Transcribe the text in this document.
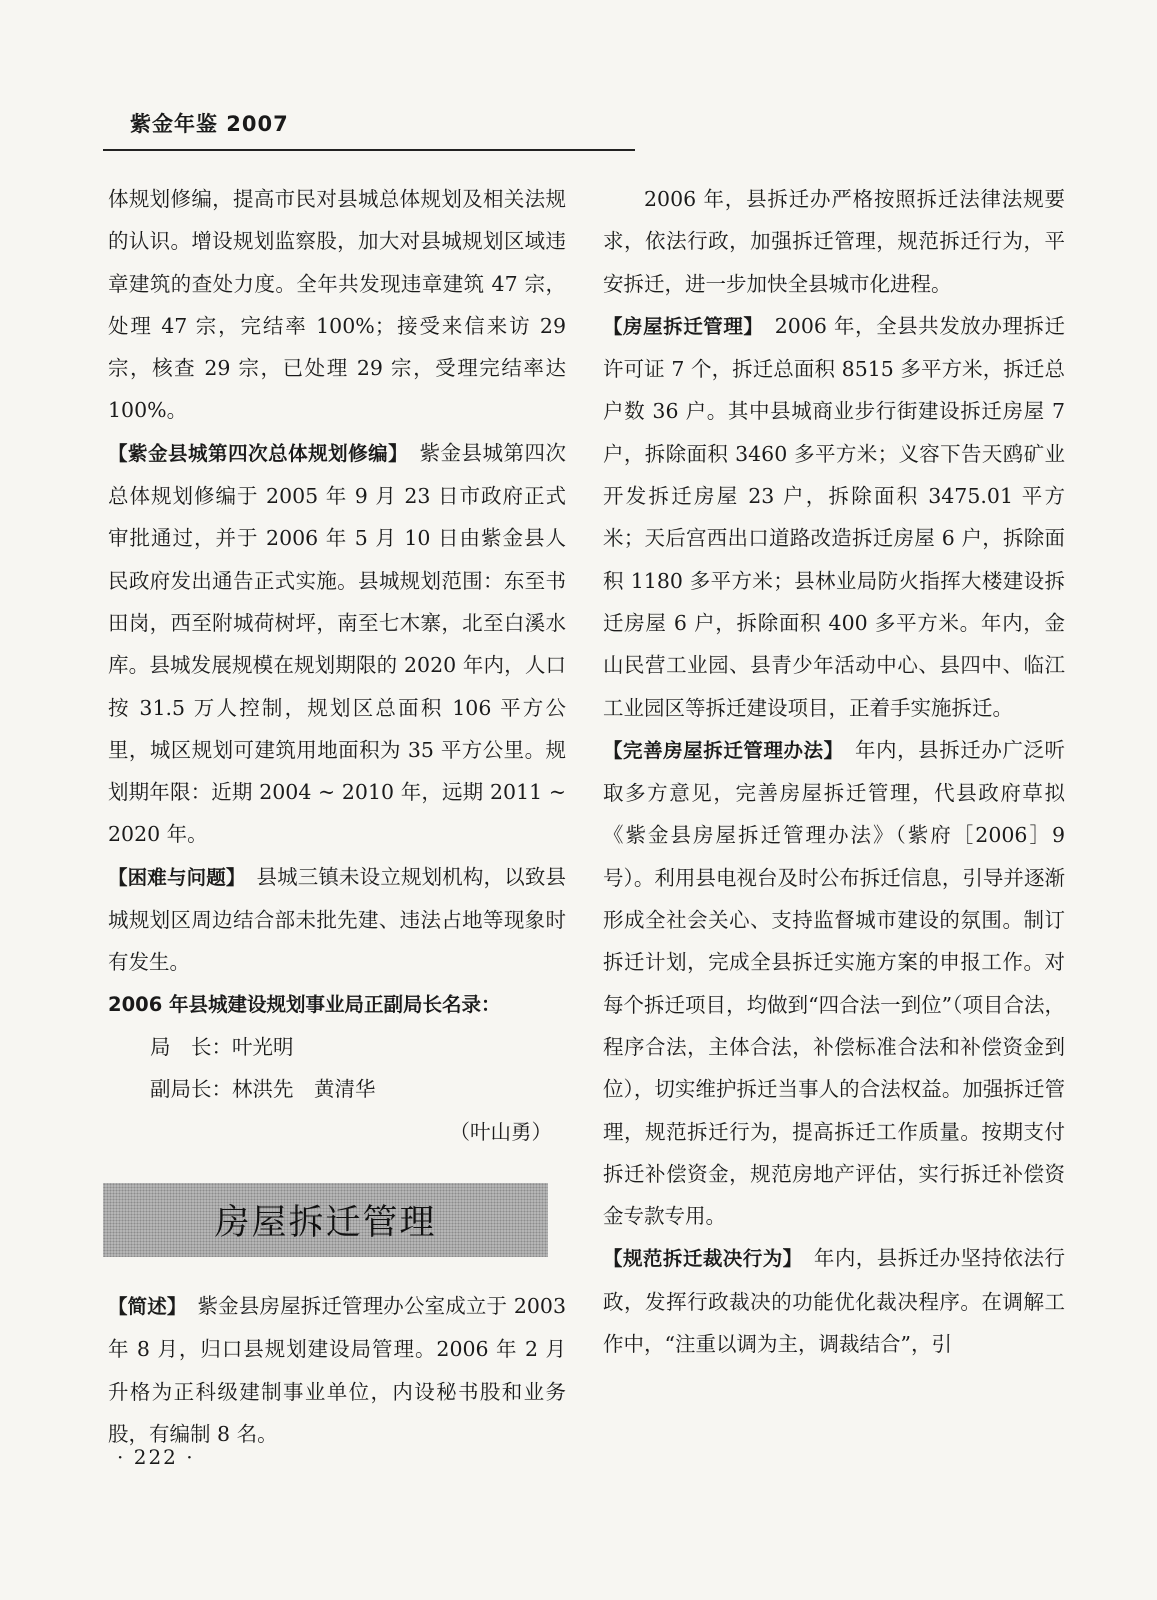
紫金年鉴 2007

体规划修编，提高市民对县城总体规划及相关法规的认识。增设规划监察股，加大对县城规划区域违章建筑的查处力度。全年共发现违章建筑 47 宗，处理 47 宗，完结率 100%；接受来信来访 29 宗，核查 29 宗，已处理 29 宗，受理完结率达 100%。

【紫金县城第四次总体规划修编】　 紫金县城第四次总体规划修编于 2005 年 9 月 23 日市政府正式审批通过，并于 2006 年 5 月 10 日由紫金县人民政府发出通告正式实施。县城规划范围：东至书田岗，西至附城荷树坪，南至七木寨，北至白溪水库。县城发展规模在规划期限的 2020 年内，人口按 31.5 万人控制，规划区总面积 106 平方公里，城区规划可建筑用地面积为 35 平方公里。规划期年限：近期 2004 ~ 2010 年，远期 2011 ~ 2020 年。

【困难与问题】　 县城三镇未设立规划机构，以致县城规划区周边结合部未批先建、违法占地等现象时有发生。

2006 年县城建设规划事业局正副局长名录：

局　长：叶光明

副局长：林洪先　黄清华

（叶山勇）

房屋拆迁管理

【简述】　 紫金县房屋拆迁管理办公室成立于 2003 年 8 月，归口县规划建设局管理。2006 年 2 月升格为正科级建制事业单位，内设秘书股和业务股，有编制 8 名。

2006 年，县拆迁办严格按照拆迁法律法规要求，依法行政，加强拆迁管理，规范拆迁行为，平安拆迁，进一步加快全县城市化进程。

【房屋拆迁管理】　 2006 年，全县共发放办理拆迁许可证 7 个，拆迁总面积 8515 多平方米，拆迁总户数 36 户。其中县城商业步行街建设拆迁房屋 7 户，拆除面积 3460 多平方米；义容下告天鸥矿业开发拆迁房屋 23 户，拆除面积 3475.01 平方米；天后宫西出口道路改造拆迁房屋 6 户，拆除面积 1180 多平方米；县林业局防火指挥大楼建设拆迁房屋 6 户，拆除面积 400 多平方米。年内，金山民营工业园、县青少年活动中心、县四中、临江工业园区等拆迁建设项目，正着手实施拆迁。

【完善房屋拆迁管理办法】　 年内，县拆迁办广泛听取多方意见，完善房屋拆迁管理，代县政府草拟《紫金县房屋拆迁管理办法》（紫府［2006］9 号）。利用县电视台及时公布拆迁信息，引导并逐渐形成全社会关心、支持监督城市建设的氛围。制订拆迁计划，完成全县拆迁实施方案的申报工作。对每个拆迁项目，均做到“四合法一到位”（项目合法，程序合法，主体合法，补偿标准合法和补偿资金到位），切实维护拆迁当事人的合法权益。加强拆迁管理，规范拆迁行为，提高拆迁工作质量。按期支付拆迁补偿资金，规范房地产评估，实行拆迁补偿资金专款专用。

【规范拆迁裁决行为】　 年内，县拆迁办坚持依法行政，发挥行政裁决的功能优化裁决程序。在调解工作中，“注重以调为主，调裁结合”，引

· 222 ·
